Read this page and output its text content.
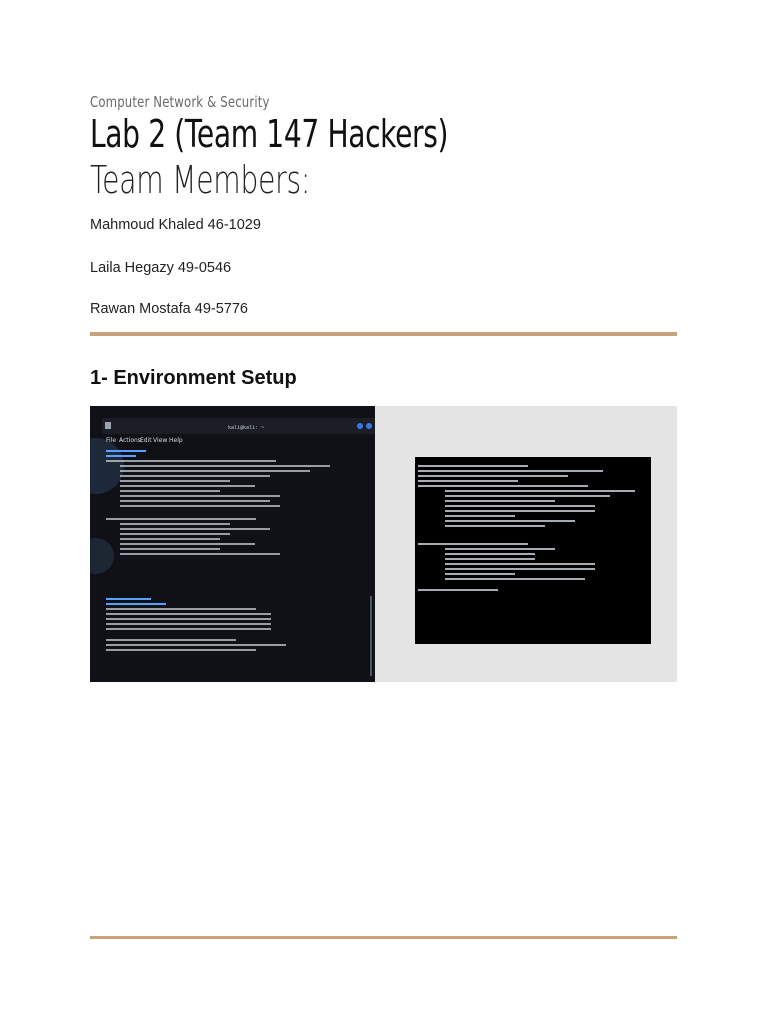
Computer Network & Security
Lab 2 (Team 147 Hackers)
Team Members:
Mahmoud Khaled 46-1029
Laila Hegazy 49-0546
Rawan Mostafa 49-5776
1- Environment Setup
kali@kali: ~
File Actions Edit View Help
